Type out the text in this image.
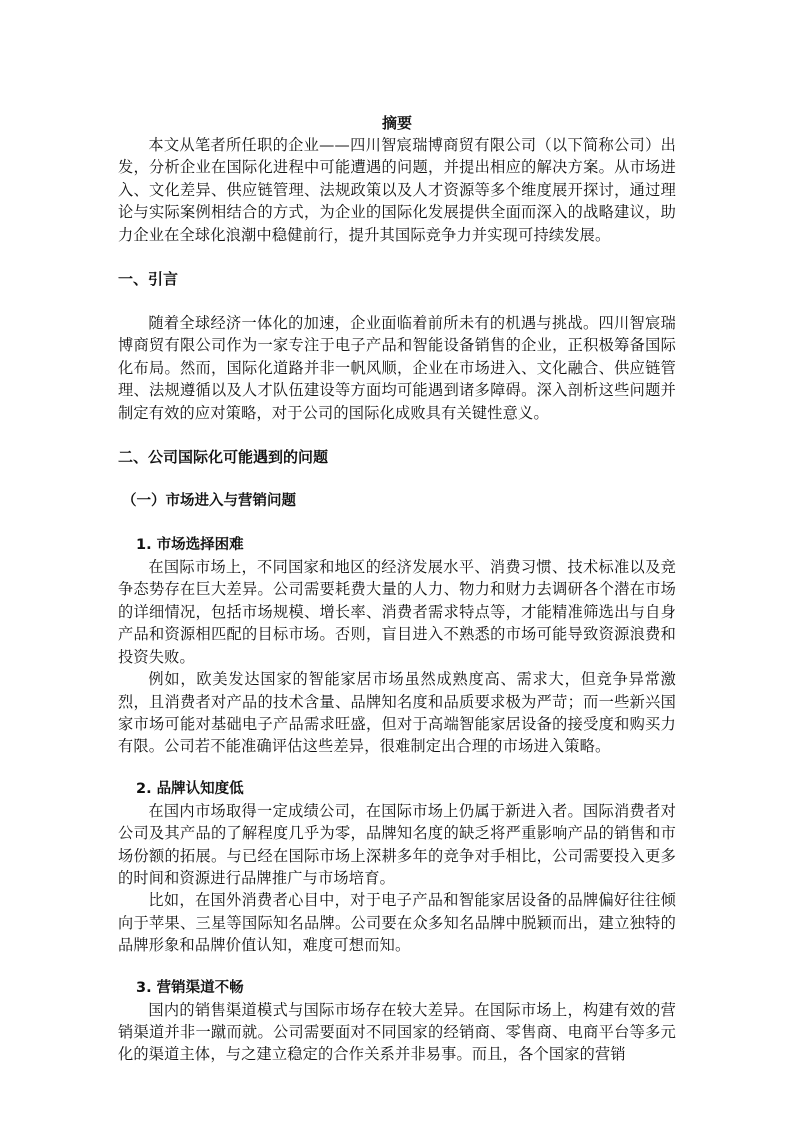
摘要

本文从笔者所任职的企业——四川智宸瑞博商贸有限公司（以下简称公司）出发，分析企业在国际化进程中可能遭遇的问题，并提出相应的解决方案。从市场进入、文化差异、供应链管理、法规政策以及人才资源等多个维度展开探讨，通过理论与实际案例相结合的方式，为企业的国际化发展提供全面而深入的战略建议，助力企业在全球化浪潮中稳健前行，提升其国际竞争力并实现可持续发展。

一、引言

随着全球经济一体化的加速，企业面临着前所未有的机遇与挑战。四川智宸瑞博商贸有限公司作为一家专注于电子产品和智能设备销售的企业，正积极筹备国际化布局。然而，国际化道路并非一帆风顺，企业在市场进入、文化融合、供应链管理、法规遵循以及人才队伍建设等方面均可能遇到诸多障碍。深入剖析这些问题并制定有效的应对策略，对于公司的国际化成败具有关键性意义。

二、公司国际化可能遇到的问题
（一）市场进入与营销问题
1. 市场选择困难

在国际市场上，不同国家和地区的经济发展水平、消费习惯、技术标准以及竞争态势存在巨大差异。公司需要耗费大量的人力、物力和财力去调研各个潜在市场的详细情况，包括市场规模、增长率、消费者需求特点等，才能精准筛选出与自身产品和资源相匹配的目标市场。否则，盲目进入不熟悉的市场可能导致资源浪费和投资失败。

例如，欧美发达国家的智能家居市场虽然成熟度高、需求大，但竞争异常激烈，且消费者对产品的技术含量、品牌知名度和品质要求极为严苛；而一些新兴国家市场可能对基础电子产品需求旺盛，但对于高端智能家居设备的接受度和购买力有限。公司若不能准确评估这些差异，很难制定出合理的市场进入策略。

2. 品牌认知度低

在国内市场取得一定成绩公司，在国际市场上仍属于新进入者。国际消费者对公司及其产品的了解程度几乎为零，品牌知名度的缺乏将严重影响产品的销售和市场份额的拓展。与已经在国际市场上深耕多年的竞争对手相比，公司需要投入更多的时间和资源进行品牌推广与市场培育。

比如，在国外消费者心目中，对于电子产品和智能家居设备的品牌偏好往往倾向于苹果、三星等国际知名品牌。公司要在众多知名品牌中脱颖而出，建立独特的品牌形象和品牌价值认知，难度可想而知。

3. 营销渠道不畅

国内的销售渠道模式与国际市场存在较大差异。在国际市场上，构建有效的营销渠道并非一蹴而就。公司需要面对不同国家的经销商、零售商、电商平台等多元化的渠道主体，与之建立稳定的合作关系并非易事。而且，各个国家的营销
